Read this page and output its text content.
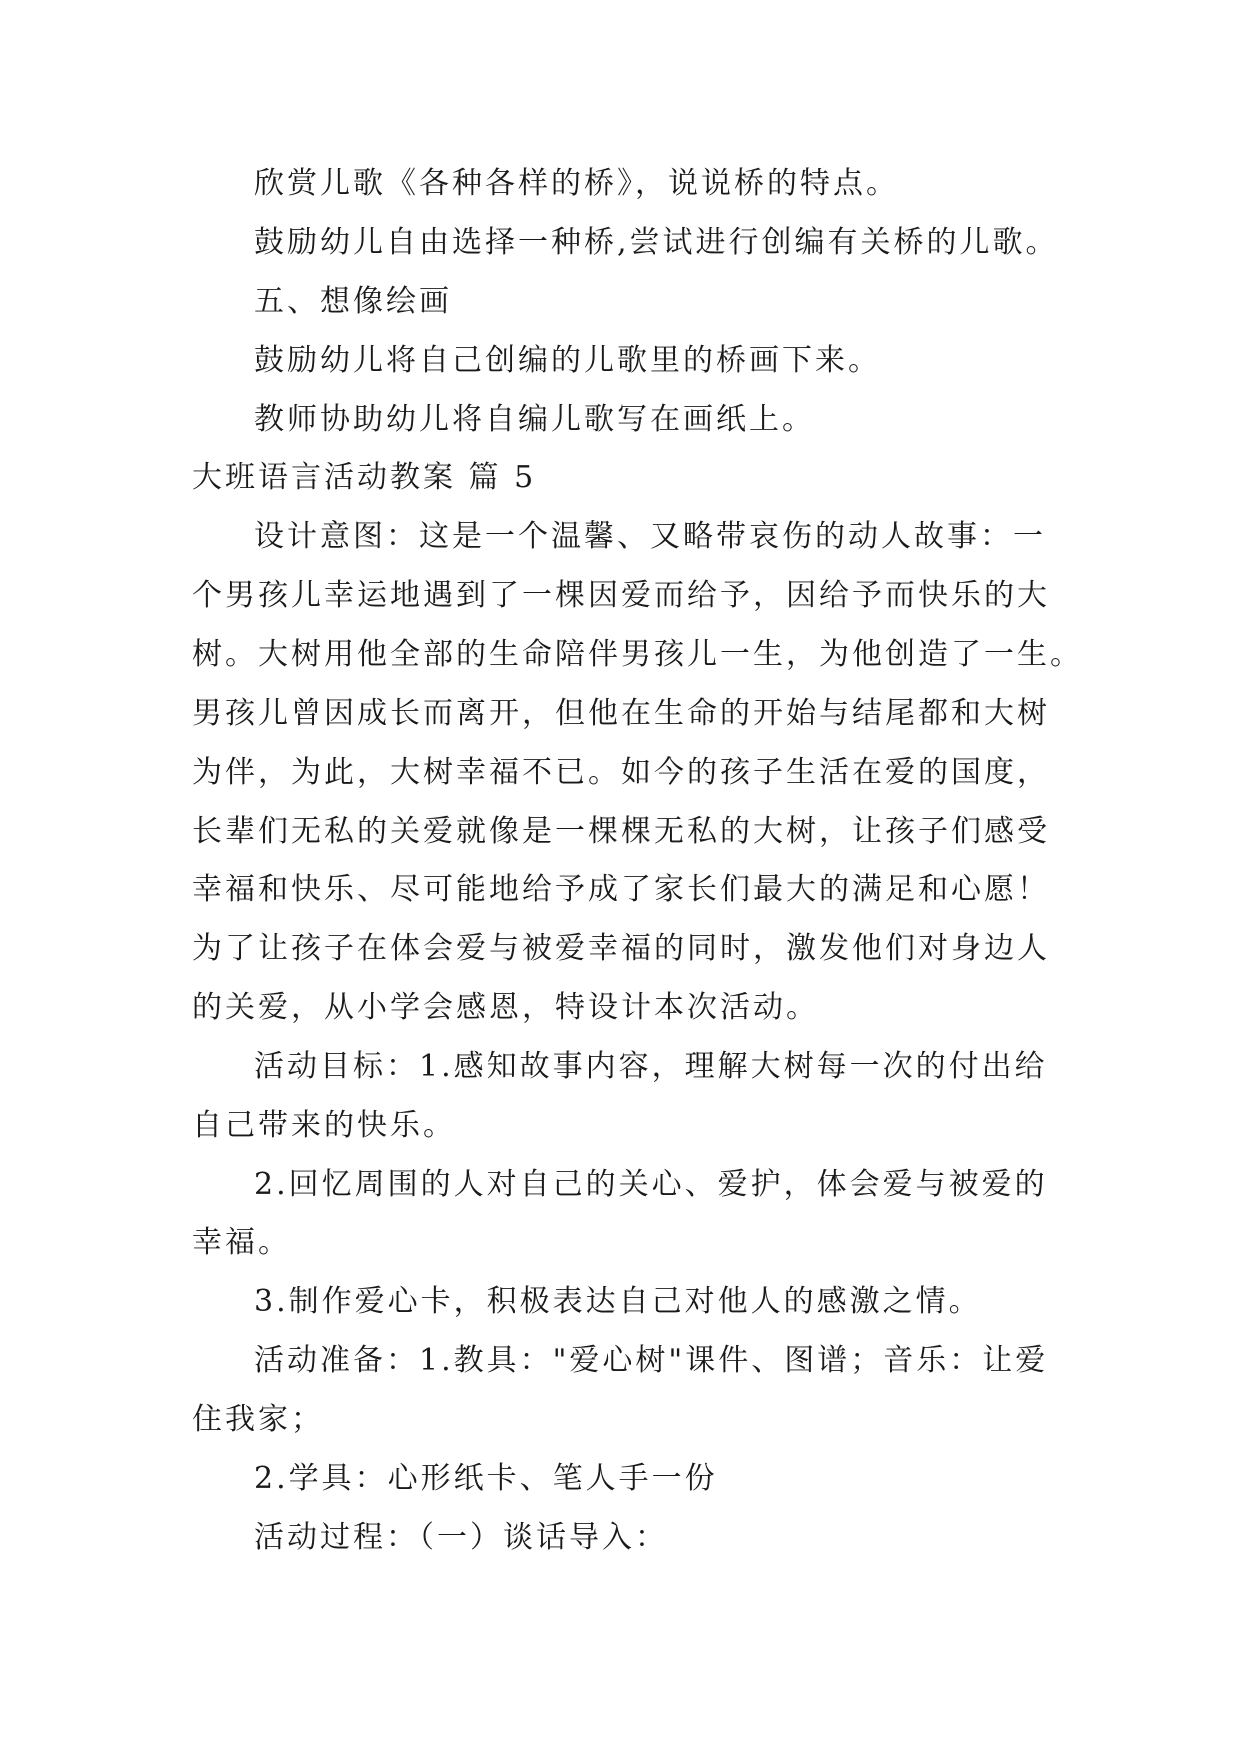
欣赏儿歌《各种各样的桥》，说说桥的特点。
鼓励幼儿自由选择一种桥,尝试进行创编有关桥的儿歌。
五、想像绘画
鼓励幼儿将自己创编的儿歌里的桥画下来。
教师协助幼儿将自编儿歌写在画纸上。
大班语言活动教案 篇 5
设计意图：这是一个温馨、又略带哀伤的动人故事：一
个男孩儿幸运地遇到了一棵因爱而给予，因给予而快乐的大
树。大树用他全部的生命陪伴男孩儿一生，为他创造了一生。
男孩儿曾因成长而离开，但他在生命的开始与结尾都和大树
为伴，为此，大树幸福不已。如今的孩子生活在爱的国度，
长辈们无私的关爱就像是一棵棵无私的大树，让孩子们感受
幸福和快乐、尽可能地给予成了家长们最大的满足和心愿！
为了让孩子在体会爱与被爱幸福的同时，激发他们对身边人
的关爱，从小学会感恩，特设计本次活动。
活动目标：1.感知故事内容，理解大树每一次的付出给
自己带来的快乐。
2.回忆周围的人对自己的关心、爱护，体会爱与被爱的
幸福。
3.制作爱心卡，积极表达自己对他人的感激之情。
活动准备：1.教具："爱心树"课件、图谱；音乐：让爱
住我家；
2.学具：心形纸卡、笔人手一份
活动过程：（一）谈话导入：
